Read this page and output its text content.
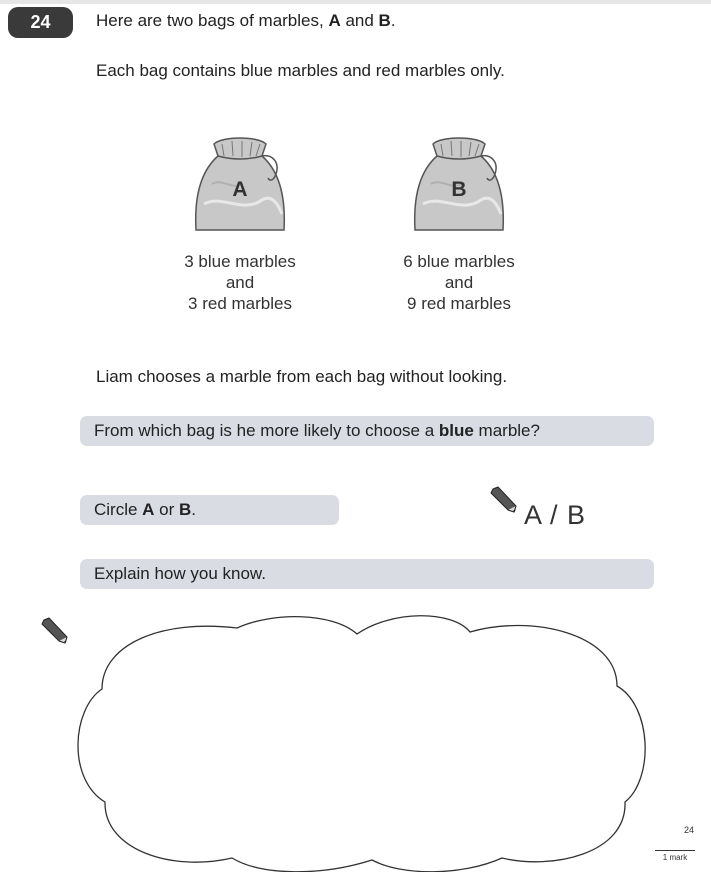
24	Here are two bags of marbles, A and B.
Each bag contains blue marbles and red marbles only.
A	B
3 blue marbles
and
3 red marbles
6 blue marbles
and
9 red marbles
Liam chooses a marble from each bag without looking.
From which bag is he more likely to choose a blue marble?
Circle A or B.	A / B
Explain how you know.
24
1 mark
